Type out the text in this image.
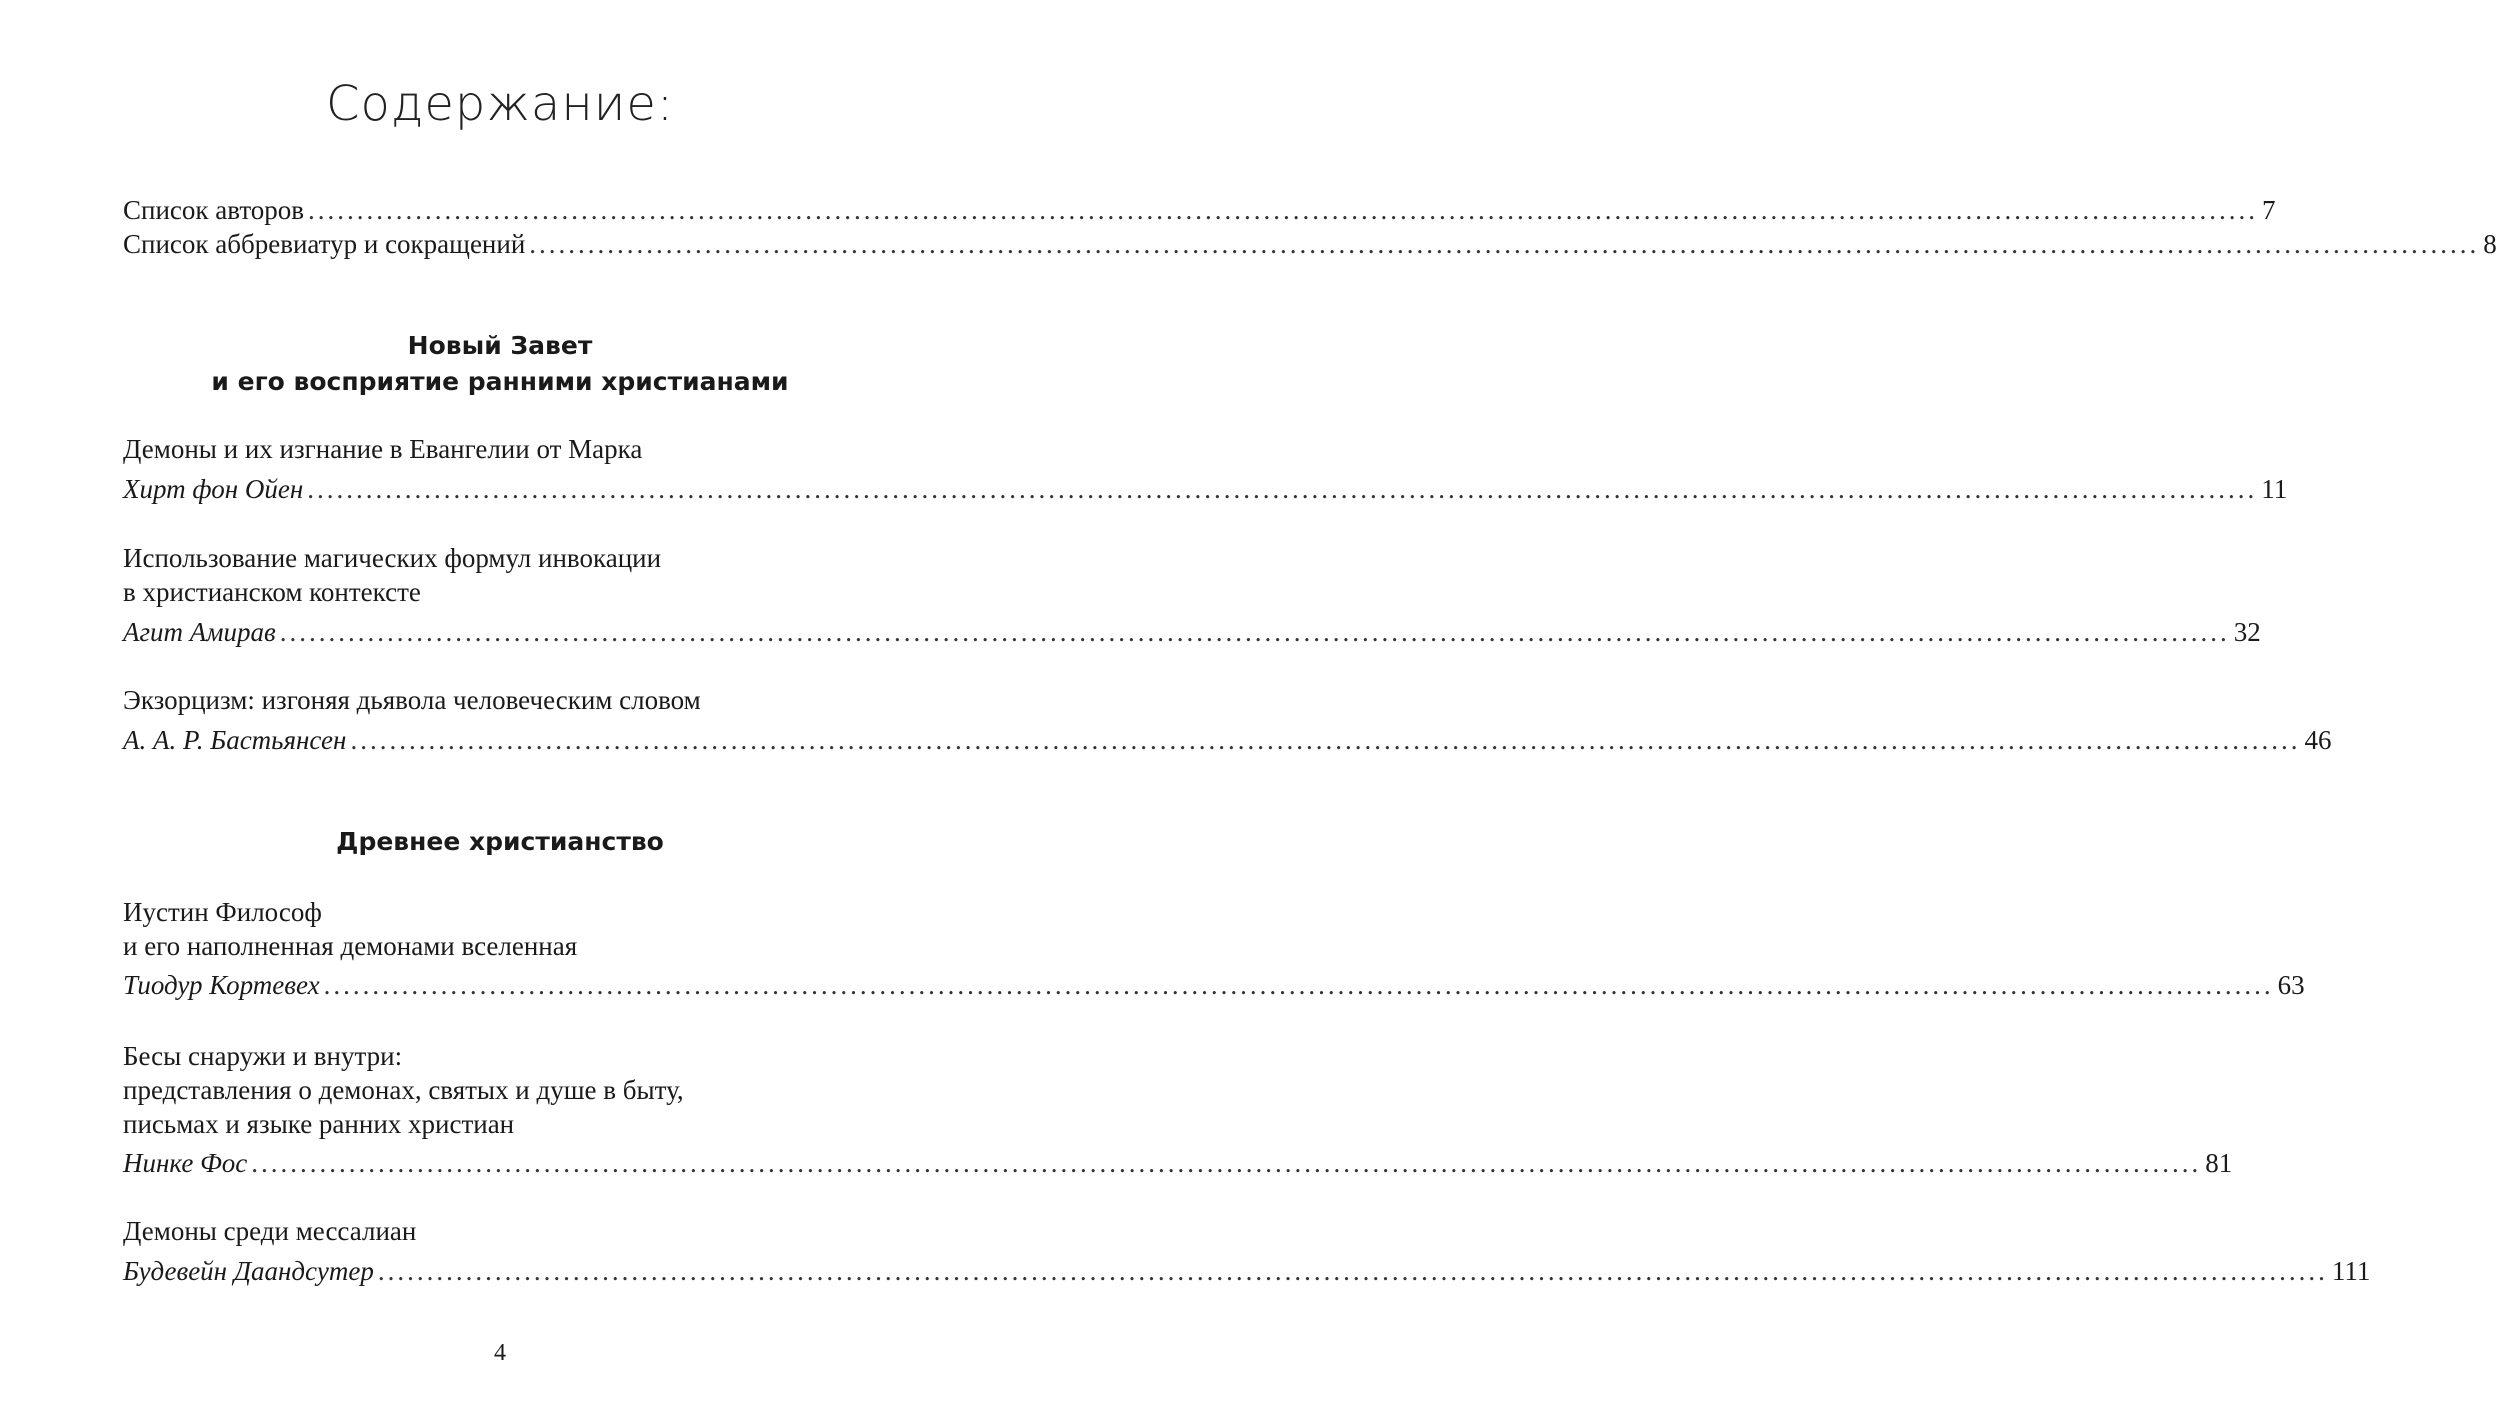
Содержание:
Список авторов ........................................................................................................................................................................................................ 7
Список аббревиатур и сокращений ........................................................................................................................................................................................................ 8
Новый Завет
и его восприятие ранними христианами
Демоны и их изгнание в Евангелии от Марка
Хирт фон Ойен ........................................................................................................................................................................................................ 11
Использование магических формул инвокации
в христианском контексте
Агит Амирав ........................................................................................................................................................................................................ 32
Экзорцизм: изгоняя дьявола человеческим словом
А. А. Р. Бастьянсен ........................................................................................................................................................................................................ 46
Древнее христианство
Иустин Философ
и его наполненная демонами вселенная
Тиодур Кортевех ........................................................................................................................................................................................................ 63
Бесы снаружи и внутри:
представления о демонах, святых и душе в быту,
письмах и языке ранних христиан
Нинке Фос ........................................................................................................................................................................................................ 81
Демоны среди мессалиан
Будевейн Даандсутер ........................................................................................................................................................................................................ 111
4
